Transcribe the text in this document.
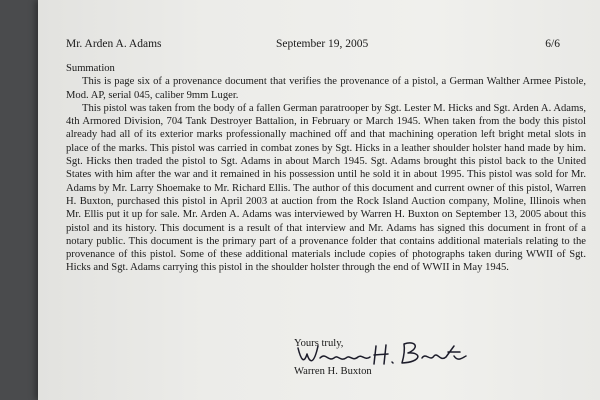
Mr. Arden A. Adams	September 19, 2005	6/6

Summation

This is page six of a provenance document that verifies the provenance of a pistol, a German Walther Armee Pistole, Mod. AP, serial 045, caliber 9mm Luger.

This pistol was taken from the body of a fallen German paratrooper by Sgt. Lester M. Hicks and Sgt. Arden A. Adams, 4th Armored Division, 704 Tank Destroyer Battalion, in February or March 1945. When taken from the body this pistol already had all of its exterior marks professionally machined off and that machining operation left bright metal slots in place of the marks. This pistol was carried in combat zones by Sgt. Hicks in a leather shoulder holster hand made by him. Sgt. Hicks then traded the pistol to Sgt. Adams in about March 1945. Sgt. Adams brought this pistol back to the United States with him after the war and it remained in his possession until he sold it in about 1995. This pistol was sold for Mr. Adams by Mr. Larry Shoemake to Mr. Richard Ellis. The author of this document and current owner of this pistol, Warren H. Buxton, purchased this pistol in April 2003 at auction from the Rock Island Auction company, Moline, Illinois when Mr. Ellis put it up for sale. Mr. Arden A. Adams was interviewed by Warren H. Buxton on September 13, 2005 about this pistol and its history. This document is a result of that interview and Mr. Adams has signed this document in front of a notary public. This document is the primary part of a provenance folder that contains additional materials relating to the provenance of this pistol. Some of these additional materials include copies of photographs taken during WWII of Sgt. Hicks and Sgt. Adams carrying this pistol in the shoulder holster through the end of WWII in May 1945.

Yours truly,
Warren H. Buxton
